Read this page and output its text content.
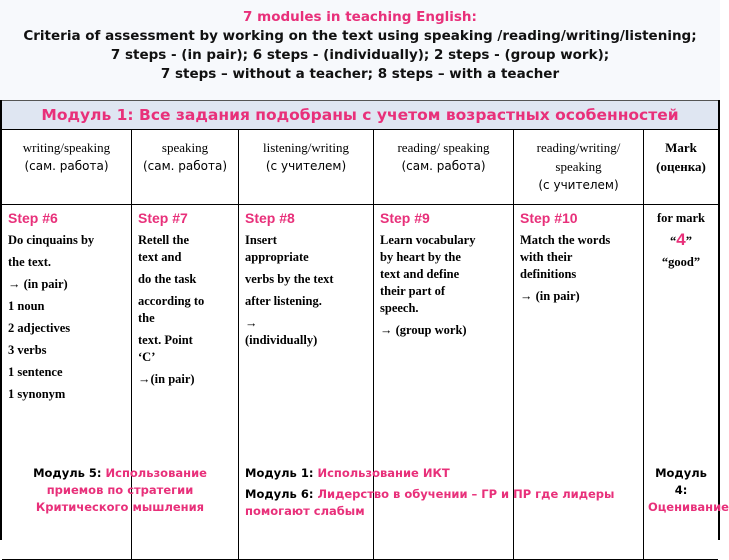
7 modules in teaching English:
Criteria of assessment by working on the text using speaking /reading/writing/listening;
7 steps - (in pair); 6 steps - (individually); 2 steps - (group work);
7 steps – without a teacher; 8 steps – with a teacher
Модуль 1: Все задания подобраны с учетом возрастных особенностей
writing/speaking
(сам. работа)
speaking
(сам. работа)
listening/writing
(с учителем)
reading/ speaking
(сам. работа)
reading/writing/
speaking
(с учителем)
Mark
(оценка)
Step #6
Do cinquains by
the text.
→ (in pair)
1 noun
2 adjectives
3 verbs
1 sentence
1 synonym
Step #7
Retell the
text and
do the task
according to
the
text. Point
‘C’
→(in pair)
Step #8
Insert
appropriate
verbs by the text
after listening.
→
(individually)
Step #9
Learn vocabulary
by heart by the
text and define
their part of
speech.
→ (group work)
Step #10
Match the words
with their
definitions
→ (in pair)
for mark
“4”
“good”
Модуль 5: Использование приемов по стратегии Критического мышления
Модуль 1: Использование ИКТ
Модуль 6: Лидерство в обучении – ГР и ПР где лидеры помогают слабым
Модуль 4: Оценивание
